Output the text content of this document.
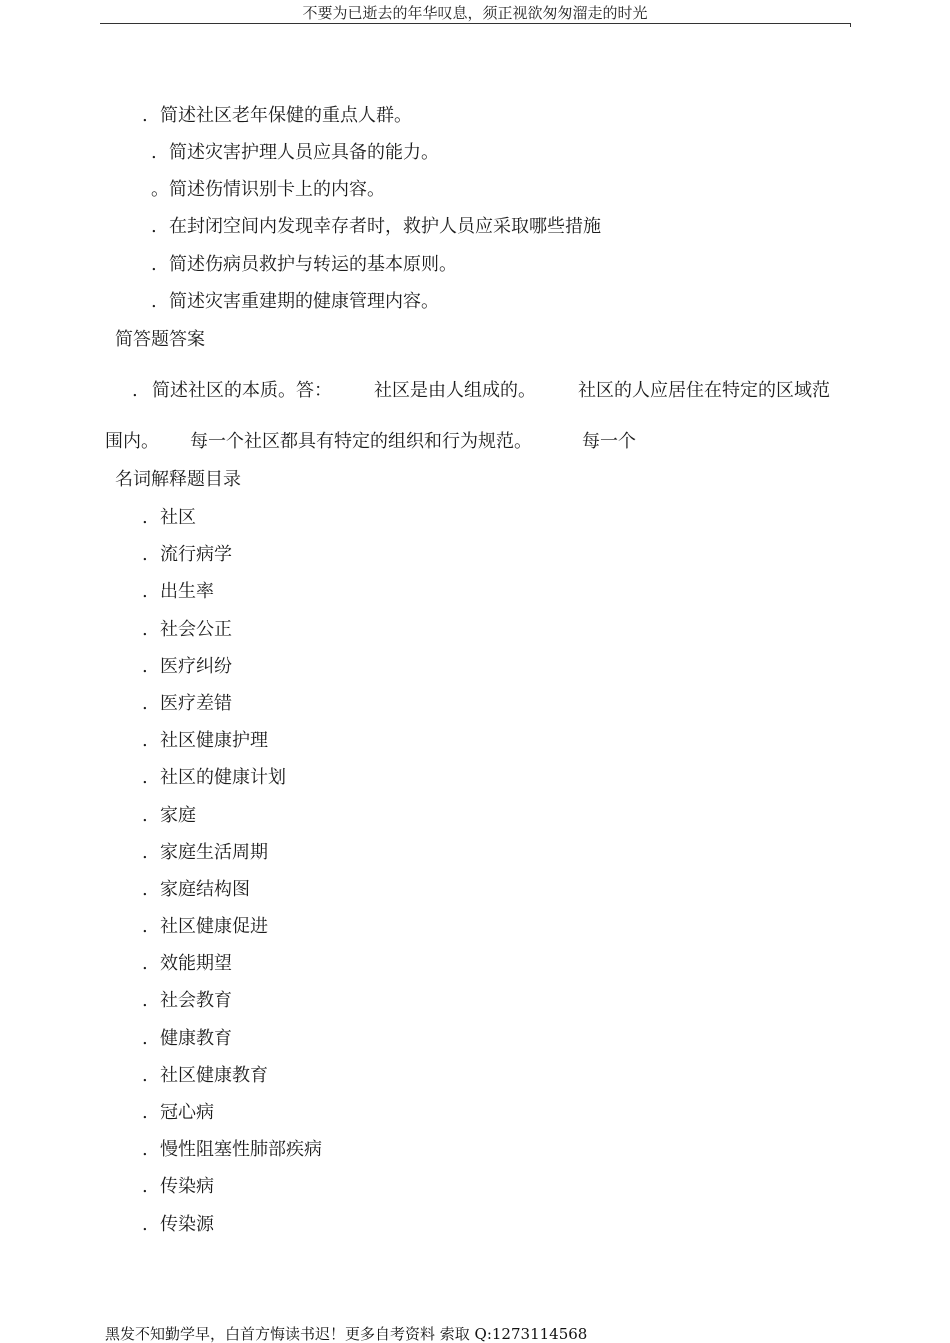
不要为已逝去的年华叹息，须正视欲匆匆溜走的时光
. 简述社区老年保健的重点人群。
. 简述灾害护理人员应具备的能力。
。简述伤情识别卡上的内容。
. 在封闭空间内发现幸存者时，救护人员应采取哪些措施
. 简述伤病员救护与转运的基本原则。
. 简述灾害重建期的健康管理内容。
简答题答案
. 简述社区的本质。答： 社区是由人组成的。 社区的人应居住在特定的区域范
围内。 每一个社区都具有特定的组织和行为规范。	每一个
名词解释题目录
. 社区
. 流行病学
. 出生率
. 社会公正
. 医疗纠纷
. 医疗差错
. 社区健康护理
. 社区的健康计划
. 家庭
. 家庭生活周期
. 家庭结构图
. 社区健康促进
. 效能期望
. 社会教育
. 健康教育
. 社区健康教育
. 冠心病
. 慢性阻塞性肺部疾病
. 传染病
. 传染源
黑发不知勤学早，白首方悔读书迟！更多自考资料 索取 Q:1273114568
